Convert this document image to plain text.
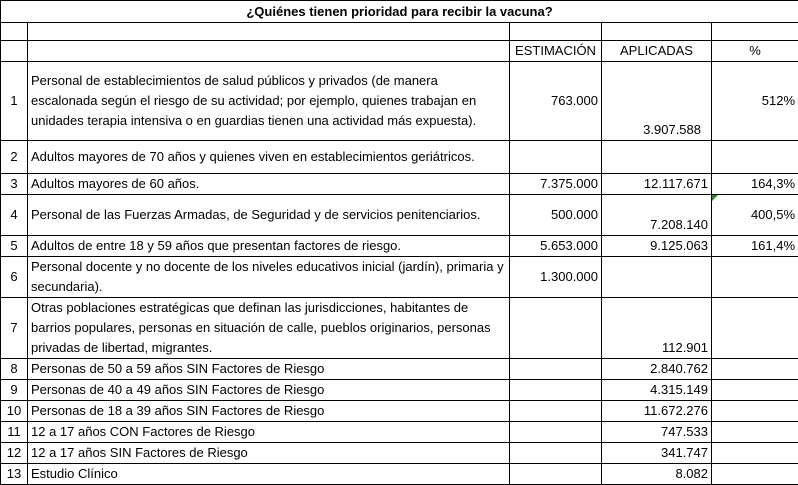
¿Quiénes tienen prioridad para recibir la vacuna?				

		ESTIMACIÓN	APLICADAS	%
1	Personal de establecimientos de salud públicos y privados (de manera escalonada según el riesgo de su actividad; por ejemplo, quienes trabajan en unidades terapia intensiva o en guardias tienen una actividad más expuesta).	763.000	3.907.588	512%
2	Adultos mayores de 70 años y quienes viven en establecimientos geriátricos.			
3	Adultos mayores de 60 años.	7.375.000	12.117.671	164,3%
4	Personal de las Fuerzas Armadas, de Seguridad y de servicios penitenciarios.	500.000	7.208.140	400,5%
5	Adultos de entre 18 y 59 años que presentan factores de riesgo.	5.653.000	9.125.063	161,4%
6	Personal docente y no docente de los niveles educativos inicial (jardín), primaria y secundaria).	1.300.000		
7	Otras poblaciones estratégicas que definan las jurisdicciones, habitantes de barrios populares, personas en situación de calle, pueblos originarios, personas privadas de libertad, migrantes.		112.901	
8	Personas de 50 a 59 años SIN Factores de Riesgo		2.840.762	
9	Personas de 40 a 49 años SIN Factores de Riesgo		4.315.149	
10	Personas de 18 a 39 años SIN Factores de Riesgo		11.672.276	
11	12 a 17 años CON Factores de Riesgo		747.533	
12	12 a 17 años SIN Factores de Riesgo		341.747	
13	Estudio Clínico		8.082	
